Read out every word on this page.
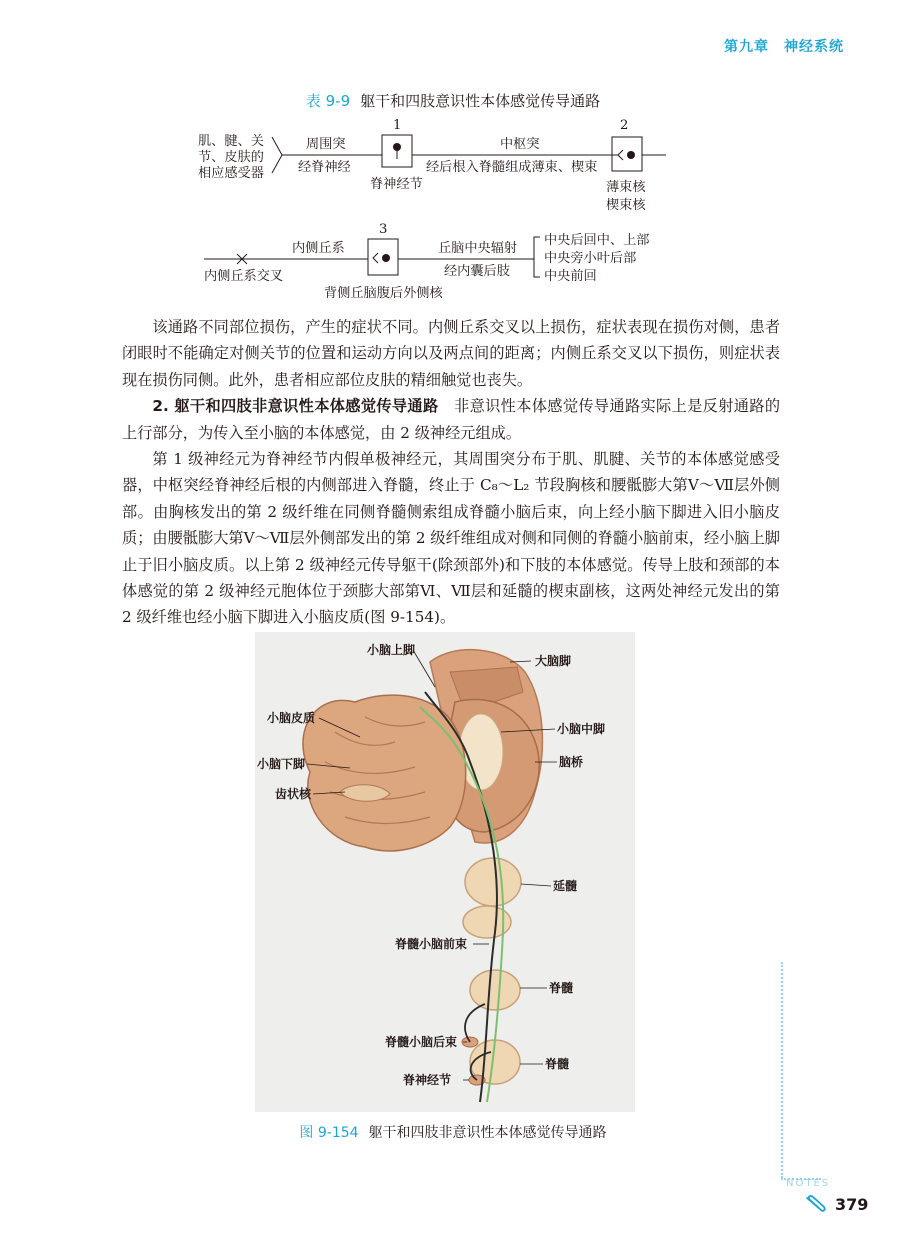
第九章　神经系统
表 9-9 躯干和四肢意识性本体感觉传导通路
肌、腱、关
节、皮肤的
相应感受器
周围突
经脊神经
1
脊神经节
中枢突
经后根入脊髓组成薄束、楔束
2
薄束核
楔束核
内侧丘系交叉
内侧丘系
3
背侧丘脑腹后外侧核
丘脑中央辐射
经内囊后肢
中央后回中、上部
中央旁小叶后部
中央前回

该通路不同部位损伤，产生的症状不同。内侧丘系交叉以上损伤，症状表现在损伤对侧，患者闭眼时不能确定对侧关节的位置和运动方向以及两点间的距离；内侧丘系交叉以下损伤，则症状表现在损伤同侧。此外，患者相应部位皮肤的精细触觉也丧失。

2. 躯干和四肢非意识性本体感觉传导通路　非意识性本体感觉传导通路实际上是反射通路的上行部分，为传入至小脑的本体感觉，由 2 级神经元组成。

第 1 级神经元为脊神经节内假单极神经元，其周围突分布于肌、肌腱、关节的本体感觉感受器，中枢突经脊神经后根的内侧部进入脊髓，终止于 C₈～L₂ 节段胸核和腰骶膨大第Ⅴ～Ⅶ层外侧部。由胸核发出的第 2 级纤维在同侧脊髓侧索组成脊髓小脑后束，向上经小脑下脚进入旧小脑皮质；由腰骶膨大第Ⅴ～Ⅶ层外侧部发出的第 2 级纤维组成对侧和同侧的脊髓小脑前束，经小脑上脚止于旧小脑皮质。以上第 2 级神经元传导躯干(除颈部外)和下肢的本体感觉。传导上肢和颈部的本体感觉的第 2 级神经元胞体位于颈膨大部第Ⅵ、Ⅶ层和延髓的楔束副核，这两处神经元发出的第 2 级纤维也经小脑下脚进入小脑皮质(图 9-154)。

小脑上脚
大脑脚
小脑皮质
小脑中脚
小脑下脚	脑桥
齿状核
延髓
脊髓小脑前束
脊髓
脊髓小脑后束
脊髓
脊神经节
图 9-154 躯干和四肢非意识性本体感觉传导通路
NOTES
379
